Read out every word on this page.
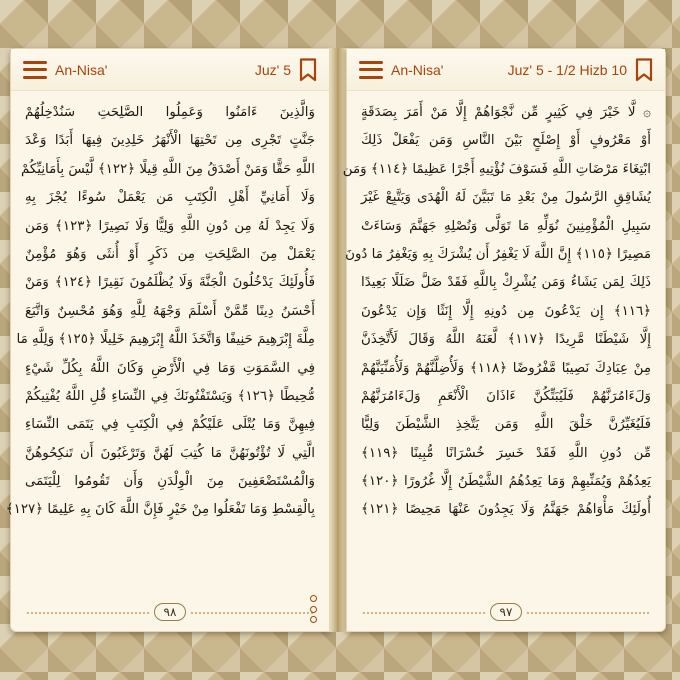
An-Nisa'	Juz' 5
وَالَّذِينَ ءَامَنُوا وَعَمِلُوا الصَّلِحَتِ سَنُدْخِلُهُمْ
جَنَّتٍ تَجْرِى مِن تَحْتِهَا الْأَنْهَرُ خَلِدِينَ فِيهَا أَبَدًا وَعْدَ
اللَّهِ حَقًّا وَمَنْ أَصْدَقُ مِنَ اللَّهِ قِيلًا ﴿١٢٢﴾ لَّيْسَ بِأَمَانِيِّكُمْ
وَلَا أَمَانِيِّ أَهْلِ الْكِتَبِ مَن يَعْمَلْ سُوءًا يُجْزَ بِهِ
وَلَا يَجِدْ لَهُ مِن دُونِ اللَّهِ وَلِيًّا وَلَا نَصِيرًا ﴿١٢٣﴾ وَمَن
يَعْمَلْ مِنَ الصَّلِحَتِ مِن ذَكَرٍ أَوْ أُنثَى وَهُوَ مُؤْمِنٌ
فَأُولَئِكَ يَدْخُلُونَ الْجَنَّةَ وَلَا يُظْلَمُونَ نَقِيرًا ﴿١٢٤﴾ وَمَنْ
أَحْسَنُ دِينًا مِّمَّنْ أَسْلَمَ وَجْهَهُ لِلَّهِ وَهُوَ مُحْسِنٌ وَاتَّبَعَ
مِلَّةَ إِبْرَهِيمَ حَنِيفًا وَاتَّخَذَ اللَّهُ إِبْرَهِيمَ خَلِيلًا ﴿١٢٥﴾ وَلِلَّهِ مَا
فِي السَّمَوَتِ وَمَا فِي الْأَرْضِ وَكَانَ اللَّهُ بِكُلِّ شَيْءٍ
مُّحِيطًا ﴿١٢٦﴾ وَيَسْتَفْتُونَكَ فِي النِّسَاءِ قُلِ اللَّهُ يُفْتِيكُمْ
فِيهِنَّ وَمَا يُتْلَى عَلَيْكُمْ فِي الْكِتَبِ فِي يَتَمَى النِّسَاءِ
الَّتِي لَا تُؤْتُونَهُنَّ مَا كُتِبَ لَهُنَّ وَتَرْغَبُونَ أَن تَنكِحُوهُنَّ
وَالْمُسْتَضْعَفِينَ مِنَ الْوِلْدَنِ وَأَن تَقُومُوا لِلْيَتَمَى
بِالْقِسْطِ وَمَا تَفْعَلُوا مِنْ خَيْرٍ فَإِنَّ اللَّهَ كَانَ بِهِ عَلِيمًا ﴿١٢٧﴾
٩٨
An-Nisa'	Juz' 5 - 1/2 Hizb 10
۞ لَّا خَيْرَ فِي كَثِيرٍ مِّن نَّجْوَاهُمْ إِلَّا مَنْ أَمَرَ بِصَدَقَةٍ
أَوْ مَعْرُوفٍ أَوْ إِصْلَحٍ بَيْنَ النَّاسِ وَمَن يَفْعَلْ ذَلِكَ
ابْتِغَاءَ مَرْضَاتِ اللَّهِ فَسَوْفَ نُؤْتِيهِ أَجْرًا عَظِيمًا ﴿١١٤﴾ وَمَن
يُشَاقِقِ الرَّسُولَ مِنْ بَعْدِ مَا تَبَيَّنَ لَهُ الْهُدَى وَيَتَّبِعْ غَيْرَ
سَبِيلِ الْمُؤْمِنِينَ نُوَلِّهِ مَا تَوَلَّى وَنُصْلِهِ جَهَنَّمَ وَسَاءَتْ
مَصِيرًا ﴿١١٥﴾ إِنَّ اللَّهَ لَا يَغْفِرُ أَن يُشْرَكَ بِهِ وَيَغْفِرُ مَا دُونَ
ذَلِكَ لِمَن يَشَاءُ وَمَن يُشْرِكْ بِاللَّهِ فَقَدْ ضَلَّ ضَلَلًا بَعِيدًا
﴿١١٦﴾ إِن يَدْعُونَ مِن دُونِهِ إِلَّا إِنَثًا وَإِن يَدْعُونَ
إِلَّا شَيْطَنًا مَّرِيدًا ﴿١١٧﴾ لَّعَنَهُ اللَّهُ وَقَالَ لَأَتَّخِذَنَّ
مِنْ عِبَادِكَ نَصِيبًا مَّفْرُوضًا ﴿١١٨﴾ وَلَأُضِلَّنَّهُمْ وَلَأُمَنِّيَنَّهُمْ
وَلَءَامُرَنَّهُمْ فَلَيُبَتِّكُنَّ ءَاذَانَ الْأَنْعَمِ وَلَءَامُرَنَّهُمْ
فَلَيُغَيِّرُنَّ خَلْقَ اللَّهِ وَمَن يَتَّخِذِ الشَّيْطَنَ وَلِيًّا
مِّن دُونِ اللَّهِ فَقَدْ خَسِرَ خُسْرَانًا مُّبِينًا ﴿١١٩﴾
يَعِدُهُمْ وَيُمَنِّيهِمْ وَمَا يَعِدُهُمُ الشَّيْطَنُ إِلَّا غُرُورًا ﴿١٢٠﴾
أُولَئِكَ مَأْوَاهُمْ جَهَنَّمُ وَلَا يَجِدُونَ عَنْهَا مَحِيصًا ﴿١٢١﴾
٩٧
